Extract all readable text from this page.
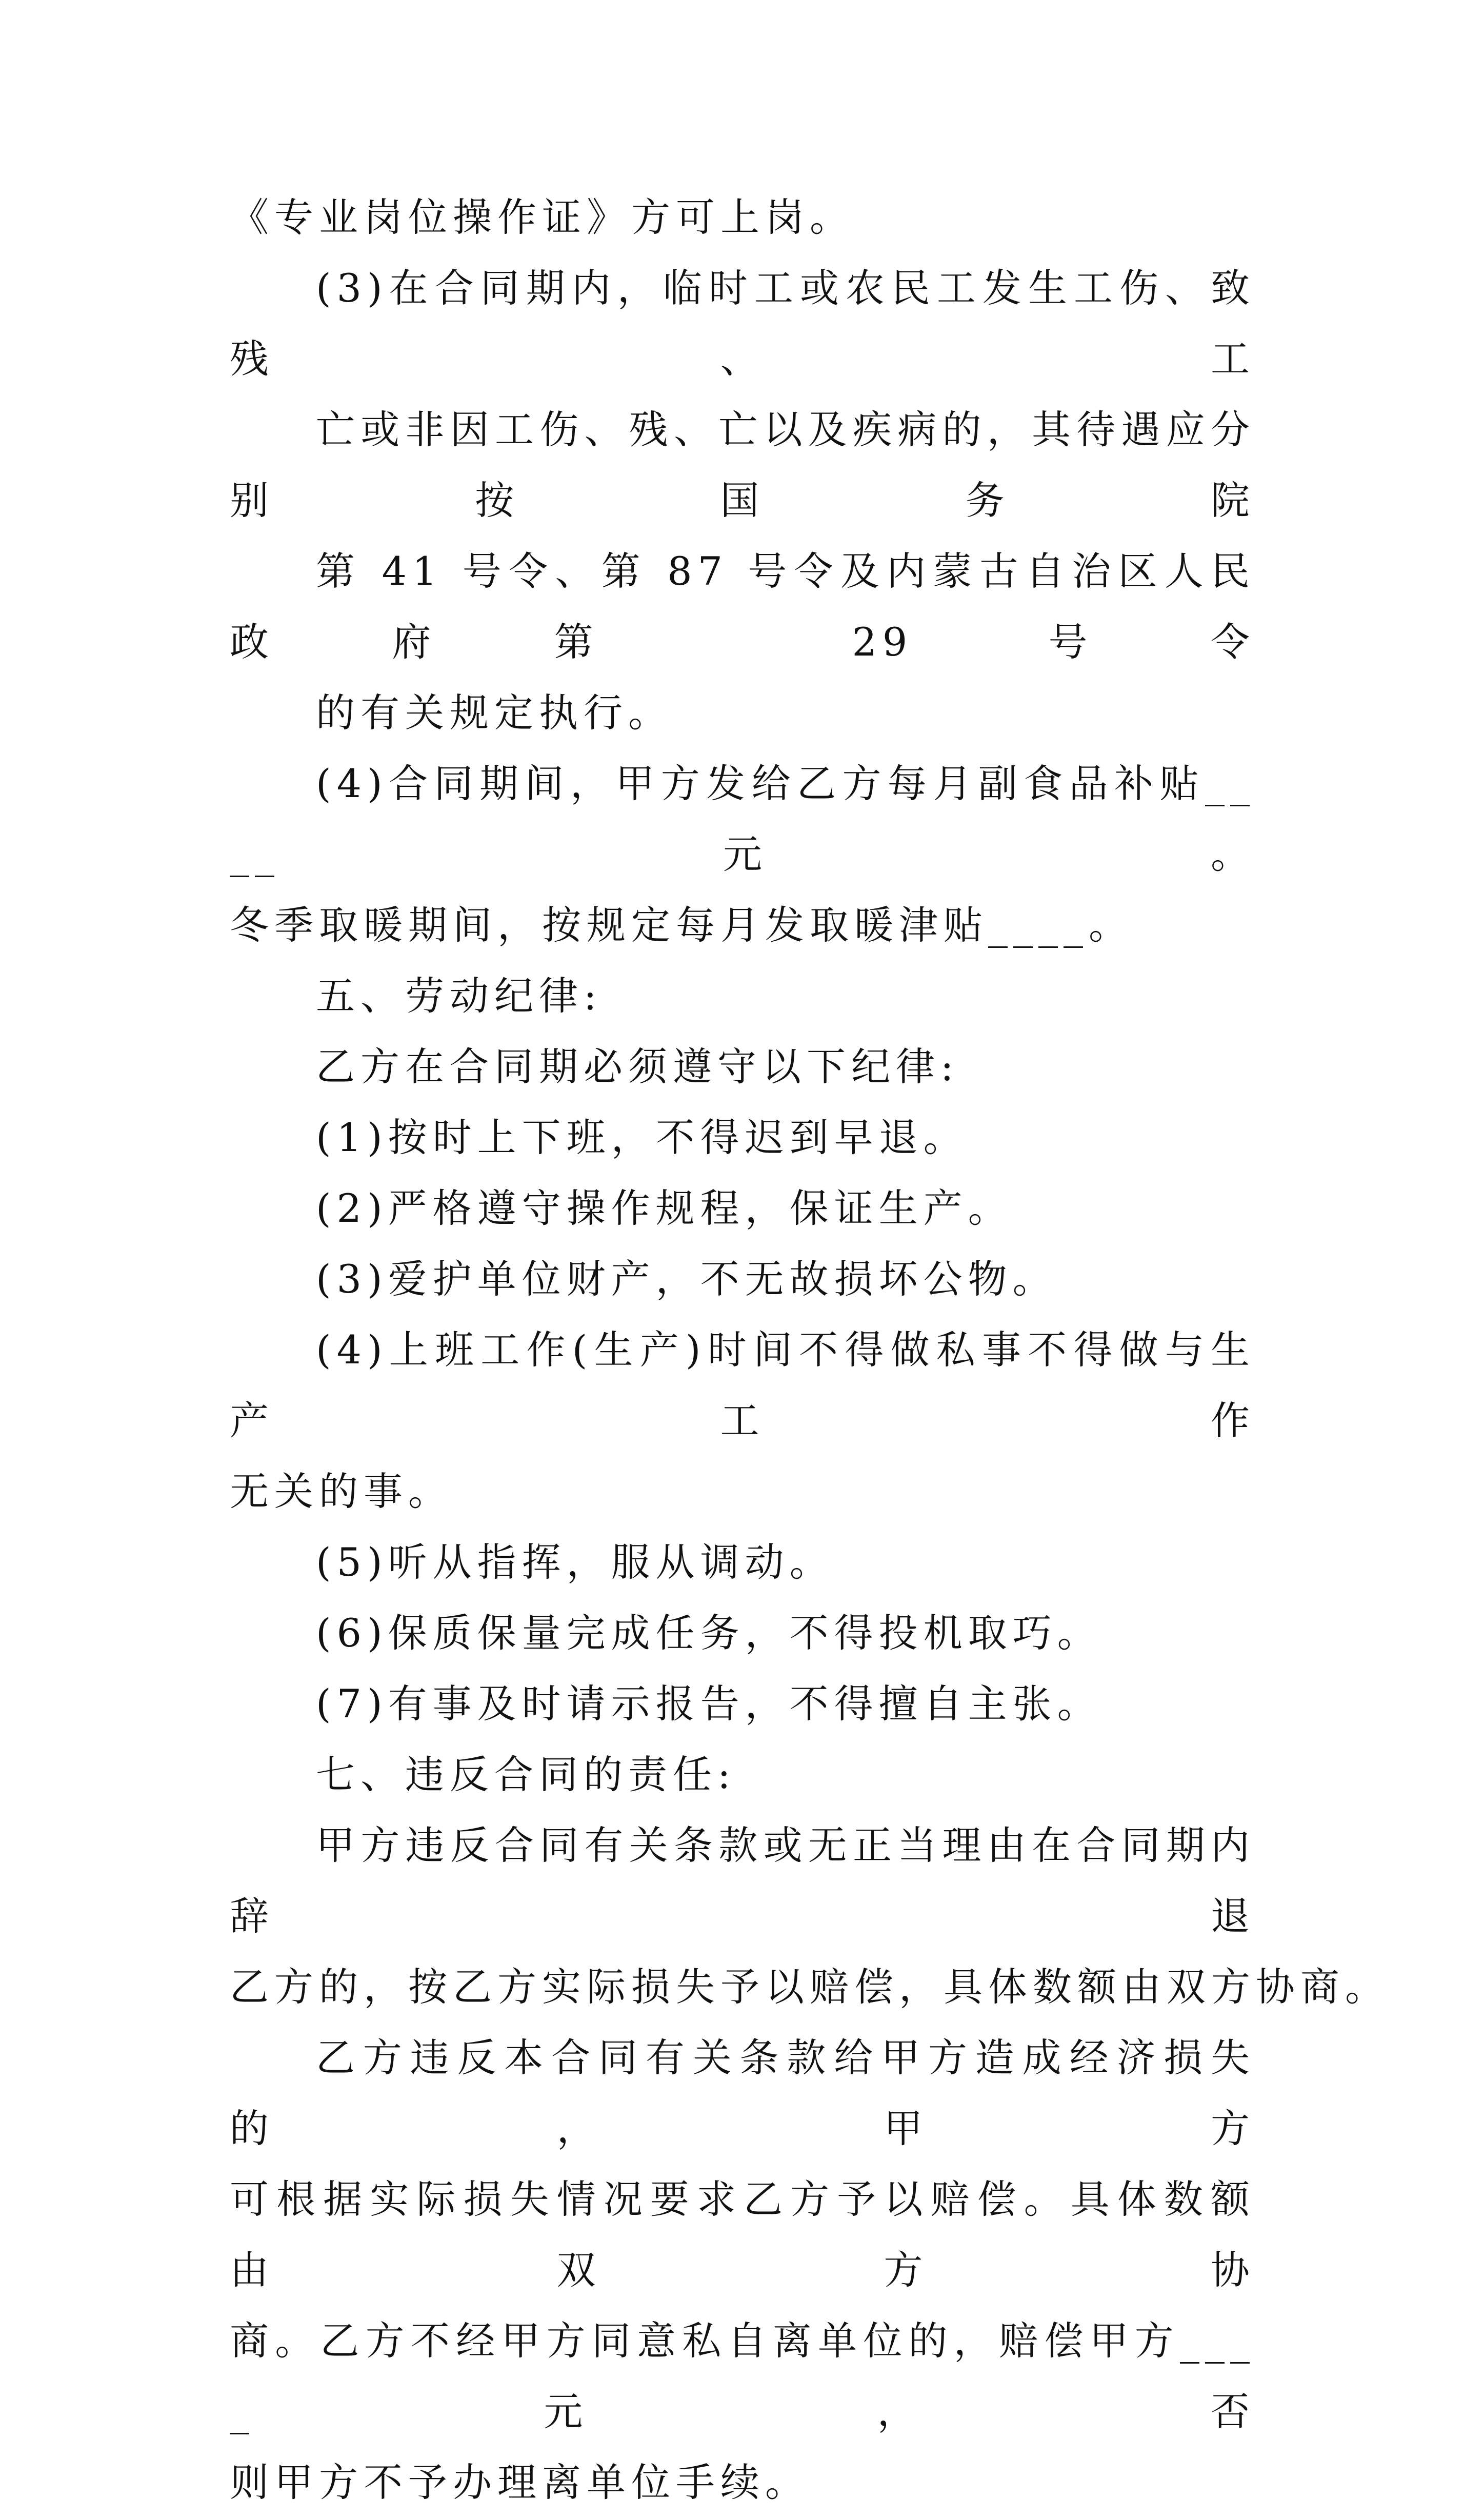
《专业岗位操作证》方可上岗。

(3)在合同期内，临时工或农民工发生工伤、致残、工
亡或非因工伤、残、亡以及疾病的，其待遇应分别按国务院
第 41 号令、第 87 号令及内蒙古自治区人民政府第 29 号令
的有关规定执行。

(4)合同期间，甲方发给乙方每月副食品补贴____元。
冬季取暖期间，按规定每月发取暖津贴____。

五、劳动纪律:

乙方在合同期必须遵守以下纪律:

(1)按时上下班，不得迟到早退。

(2)严格遵守操作规程，保证生产。

(3)爱护单位财产，不无故损坏公物。

(4)上班工作(生产)时间不得做私事不得做与生产工作
无关的事。

(5)听从指挥，服从调动。

(6)保质保量完成任务，不得投机取巧。

(7)有事及时请示报告，不得擅自主张。

七、违反合同的责任:

甲方违反合同有关条款或无正当理由在合同期内辞退
乙方的，按乙方实际损失予以赔偿，具体数额由双方协商。

乙方违反本合同有关条款给甲方造成经济损失的，甲方
可根据实际损失情况要求乙方予以赔偿。具体数额由双方协
商。乙方不经甲方同意私自离单位的，赔偿甲方____元，否
则甲方不予办理离单位手续。
